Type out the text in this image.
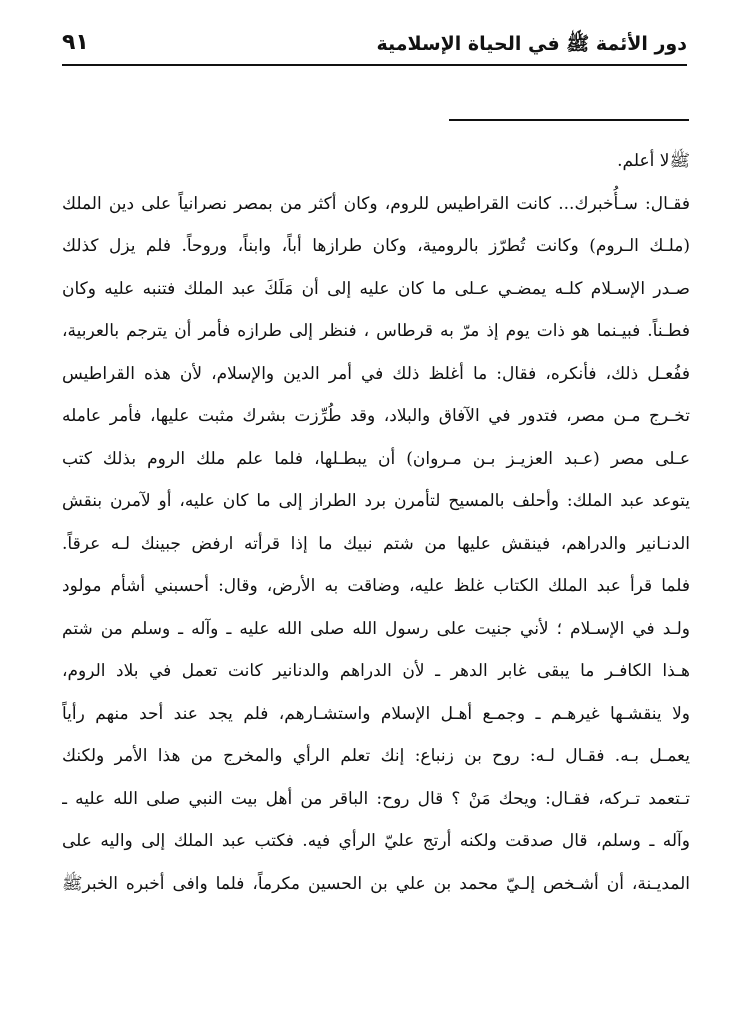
دور الأئمة ﷺ في الحياة الإسلامية
٩١
ﷺلا أعلم.
فقـال: سـأُخبرك... كانت القراطيس للروم، وكان أكثر من بمصر نصرانياً على دين الملك
(ملـك الـروم) وكانت تُطرّز بالرومية، وكان طرازها أباً، وابناً، وروحاً. فلم يزل كذلك
صـدر الإسـلام كلـه يمضـي عـلى ما كان عليه إلى أن مَلَكَ عبد الملك فتنبه عليه وكان
فطـناً. فبيـنما هو ذات يوم إذ مرّ به قرطاس ، فنظر إلى طرازه فأمر أن يترجم بالعربية،
ففُعـل ذلك، فأنكره، فقال: ما أغلظ ذلك في أمر الدين والإسلام، لأن هذه القراطيس
تخـرج مـن مصر، فتدور في الآفاق والبلاد، وقد طُرِّزت بشرك مثبت عليها، فأمر عامله
عـلى مصر (عـبد العزيـز بـن مـروان) أن يبطـلها، فلما علم ملك الروم بذلك كتب
يتوعد عبد الملك: وأحلف بالمسيح لتأمرن برد الطراز إلى ما كان عليه، أو لآمرن بنقش
الدنـانير والدراهم، فينقش عليها من شتم نبيك ما إذا قرأته ارفض جبينك لـه عرقاً.
فلما قرأ عبد الملك الكتاب غلظ عليه، وضاقت به الأرض، وقال: أحسبني أشأم مولود
ولـد في الإسـلام ؛ لأني جنيت على رسول الله صلى الله عليه ـ وآله ـ وسلم من شتم
هـذا الكافـر ما يبقى غابر الدهر ـ لأن الدراهم والدنانير كانت تعمل في بلاد الروم،
ولا ينقشـها غيرهـم ـ وجمـع أهـل الإسلام واستشـارهم، فلم يجد عند أحد منهم رأياً
يعمـل بـه. فقـال لـه: روح بن زنباع: إنك تعلم الرأي والمخرج من هذا الأمر ولكنك
تـتعمد تـركه، فقـال: ويحك مَنْ ؟ قال روح: الباقر من أهل بيت النبي صلى الله عليه ـ
وآله ـ وسلم، قال صدقت ولكنه أرتج عليّ الرأي فيه. فكتب عبد الملك إلى واليه على
المديـنة، أن أشـخص إلـيّ محمد بن علي بن الحسين مكرماً، فلما وافى أخبره الخبرﷺ
